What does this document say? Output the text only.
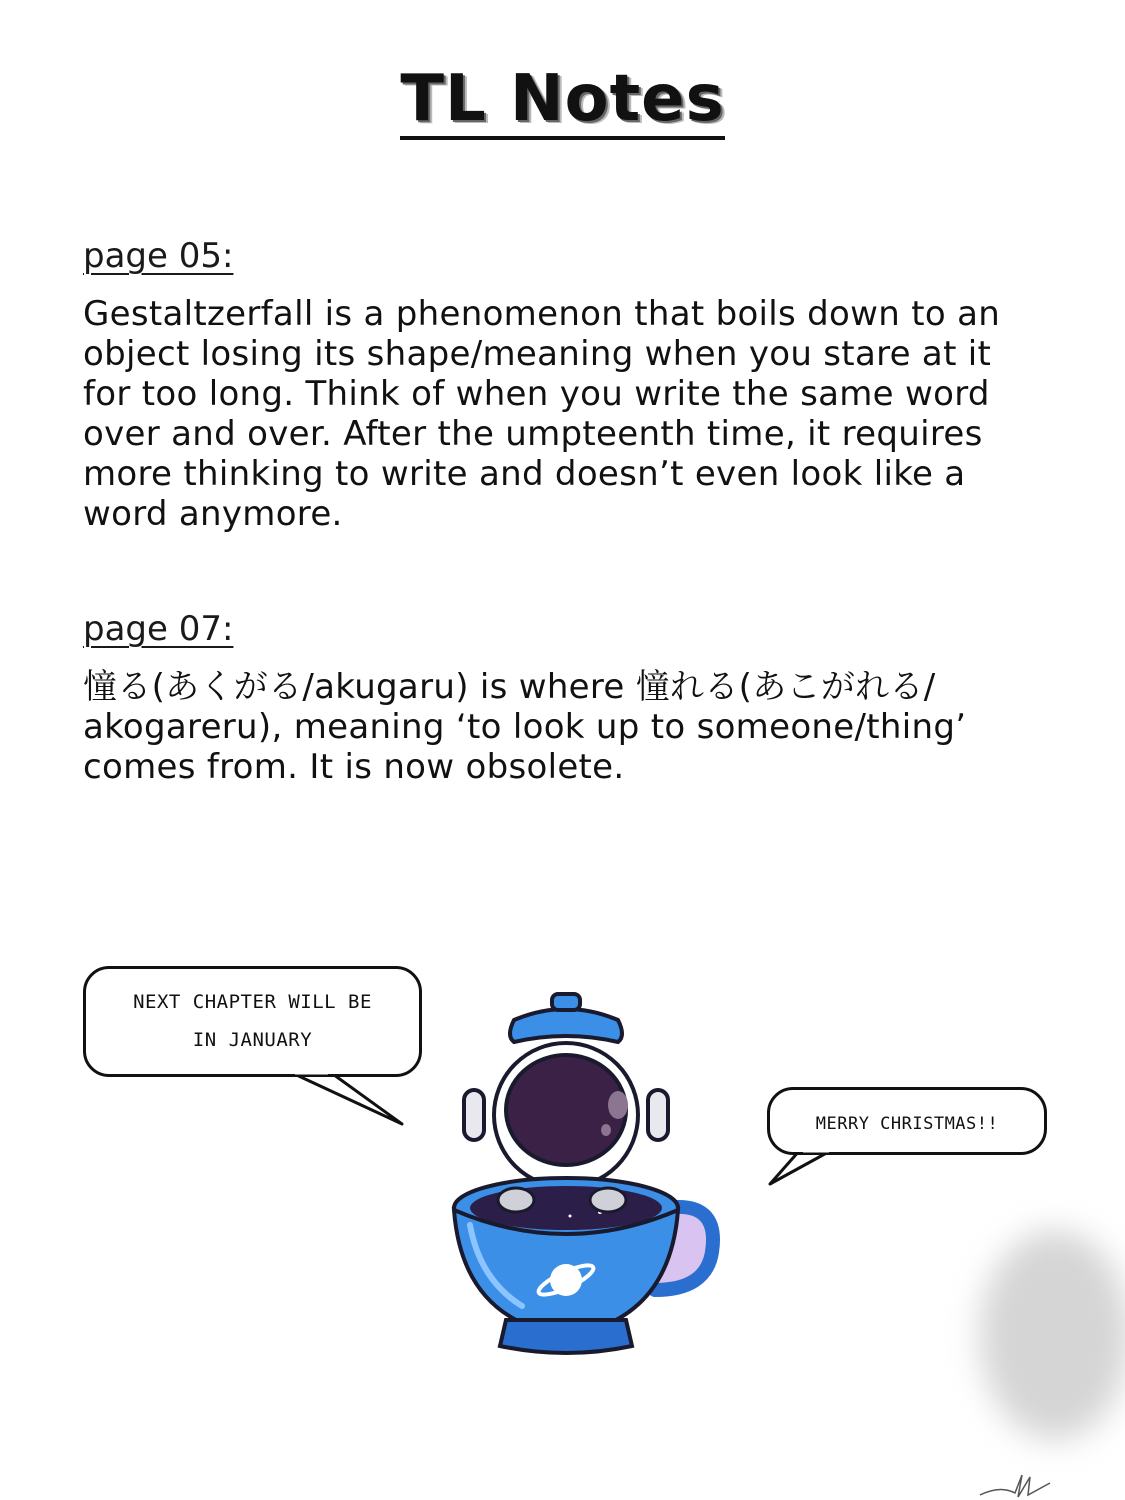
TL Notes
page 05:
Gestaltzerfall is a phenomenon that boils down to an object losing its shape/meaning when you stare at it for too long. Think of when you write the same word over and over. After the umpteenth time, it requires more thinking to write and doesn’t even look like a word anymore.
page 07:
憧る(あくがる/akugaru) is where 憧れる(あこがれる/ akogareru), meaning ‘to look up to someone/thing’ comes from. It is now obsolete.
NEXT CHAPTER WILL BE
IN JANUARY
MERRY CHRISTMAS!!
